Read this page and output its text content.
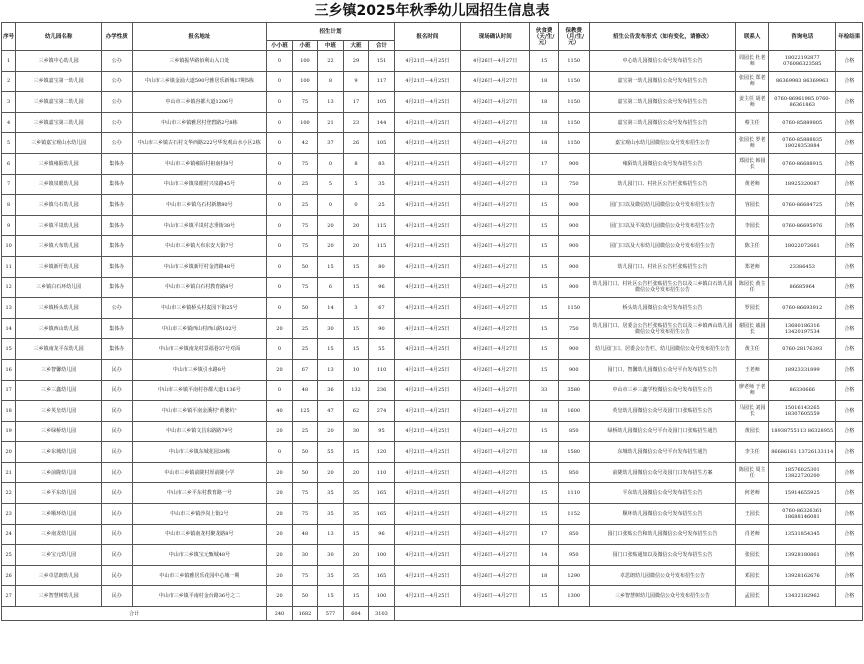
三乡镇2025年秋季幼儿园招生信息表
序号	幼儿园名称	办学性质	报名地址	招生计划					报名时间	现场确认时间	伙食费（天/生/元）	保教费（月/生/元）	招生公告发布形式（如有变化，请修改）	联系人	咨询电话	年检结果
				小小班	小班	中班	大班	合计								
1	三乡镇中心幼儿园	公办	三乡镇振华路佰利山入口处	0	100	22	29	151	4月21日—4月25日	4月26日—4月27日	15	1150	中心幼儿园微信公众号发布招生公告	周园长 杜老师	18022192877 076086323585	合格
2	三乡镇嘉宝第一幼儿园	公办	中山市三乡镇金涌大道590号雅居乐新城17期5栋	0	100	8	9	117	4月21日—4月25日	4月26日—4月27日	18	1150	嘉宝第一幼儿园微信公众号发布招生公告	张园长 郑老师	86369983 86369963	合格
3	三乡镇嘉宝第二幼儿园	公办	中山市三乡镇谷都大道1206号	0	75	13	17	105	4月21日—4月25日	4月26日—4月27日	18	1150	嘉宝第二幼儿园微信公众号发布招生公告	姜主任 胡老师	0760-86961985 0760-86361863	合格
4	三乡镇嘉宝第三幼儿园	公办	中山市三乡镇雅居村登碧路2号8栋	0	100	21	23	144	4月21日—4月25日	4月26日—4月27日	18	1150	嘉宝第三幼儿园微信公众号发布招生公告	蔡主任	0760-85889805	合格
5	三乡镇嘉宝观山水幼儿园	公办	中山市三乡镇古石村文华西路222号华发观山水小区2栋	0	42	37	26	105	4月21日—4月25日	4月26日—4月27日	18	1150	嘉宝观山水幼儿园微信公众号发布招生公告	张园长 罗老师	0760-85888835 18028353884	合格
6	三乡镇雍陌幼儿园	集体办	中山市三乡镇雍陌村祖南村8号	0	75	0	8	83	4月21日—4月25日	4月26日—4月27日	17	900	雍陌幼儿园微信公众号发布招生公告	郑园长 韩园长	0760-86688915	合格
7	三乡镇泉眼幼儿园	集体办	中山市三乡镇泉眼村兴泉路45号	0	25	5	5	35	4月21日—4月25日	4月26日—4月27日	13	750	幼儿园门口、村社区公告栏张贴招生公告	黄老师	18925320087	合格
8	三乡镇乌石幼儿园	集体办	中山市三乡镇乌石村新塘80号	0	25	0	0	25	4月21日—4月25日	4月26日—4月27日	15	900	园门口以及微信幼儿园微信公众号发布招生公告	容园长	0760-86684725	合格
9	三乡镇平岚幼儿园	集体办	中山市三乡镇平岚村志垂街38号	0	75	20	20	115	4月21日—4月25日	4月26日—4月27日	15	900	园门口以及平岚幼儿园微信公众号发布招生公告	李园长	0760-86695976	合格
10	三乡镇大布幼儿园	集体办	中山市三乡镇大布东安大街7号	0	75	20	20	115	4月21日—4月25日	4月26日—4月27日	15	900	园门口以及大布幼儿园微信公众号发布招生公告	陈主任	18022072661	合格
11	三乡镇新圩幼儿园	集体办	中山市三乡镇新圩村金湾路48号	0	50	15	15	80	4月21日—4月25日	4月26日—4月27日	15	900	幼儿园门口、村社区公告栏张贴招生公告	郑老师	23386453	合格
12	三乡镇白石环幼儿园	集体办	中山市三乡镇白石村教育路8号	0	75	6	15	96	4月21日—4月25日	4月26日—4月27日	15	900	幼儿园门口、村社区公告栏张贴招生公告以及三乡镇白石幼儿园微信公众号发布招生公告	陈园长 黄主任	86685964	合格
13	三乡镇桥头幼儿园	公办	中山市三乡镇桥头村麦园下街25号	0	50	14	3	67	4月21日—4月25日	4月26日—4月27日	15	1150	桥头幼儿园微信公众号发布招生公告	罗园长	0760-86693912	合格
14	三乡镇西山幼儿园	集体办	中山市三乡镇西山村西山路102号	20	25	30	15	90	4月21日—4月25日	4月26日—4月27日	15	750	幼儿园门口、居委会公告栏张贴招生公告以及三乡镇西山幼儿园微信公众号发布招生公告	谢园长 戚园长	13680186316 13420197534	合格
15	三乡镇南龙平东幼儿园	集体办	中山市三乡镇南龙村景福巷37号对面	0	25	15	15	55	4月21日—4月25日	4月26日—4月27日	15	900	幼儿园门口、居委会公告栏、幼儿园微信公众号发布招生公告	黄主任	0760-28176393	合格
16	三乡智馨幼儿园	民办	中山市三乡镇引水路8号	20	67	13	10	110	4月21日—4月25日	4月26日—4月27日	15	900	园门口，智馨幼儿园微信公众号平台发布招生公告	王老师	18923331899	合格
17	三乡三鑫幼儿园	民办	中山市三乡镇平南村谷都大道1136号	0	48	36	132	236	4月21日—4月25日	4月26日—4月27日	33	3580	中山市三乡三鑫学校微信公众号发布招生公告	廖老师 于老师	86330666	合格
18	三乡英皇幼儿园	民办	中山市三乡镇平南金溪村"黄婆坑"	40	125	47	62	274	4月21日—4月25日	4月26日—4月27日	18	1600	英皇幼儿园微信公众号及园门口张贴招生公告	马园长 刘园长	15016143265 18307605559	合格
19	三乡绿桥幼儿园	民办	中山市三乡镇文昌东路路79号	20	25	20	30	95	4月21日—4月25日	4月26日—4月27日	15	850	绿桥幼儿园微信公众号平台及园门口张贴招生通告	黄园长	18938755113 86328955	合格
20	三乡东城幼儿园	民办	中山市三乡镇东城花园39栋	0	50	55	15	120	4月21日—4月25日	4月26日—4月27日	18	1580	东城幼儿园微信公众号平台发布招生通告	李主任	86686161 13726133114	合格
21	三乡前陇幼儿园	民办	中山市三乡镇前陇村厚前陇小学	20	50	20	20	110	4月21日—4月25日	4月26日—4月27日	15	850	前陇幼儿园微信公众号及园门口发布招生方案	陈园长 周主任	18576025301 13822720200	合格
22	三乡平东幼儿园	民办	中山市三乡平东村教育路一号	20	75	35	35	165	4月21日—4月25日	4月26日—4月27日	15	1110	平东幼儿园微信公众号发布招生公告	何老师	15914655925	合格
23	三乡顺环幼儿园	民办	中山市三乡镇沙岗上街2号	20	75	35	35	165	4月21日—4月25日	4月26日—4月27日	15	1152	顺环幼儿园微信公众号发布招生公告	王园长	0760-86326361 18688146081	合格
24	三乡南龙幼儿园	民办	中山市三乡镇南龙村聚龙路8号	20	48	13	15	96	4月21日—4月25日	4月26日—4月27日	17	850	园门口张贴公告和幼儿园微信公众号发布招生公告	肖老师	13531854345	合格
25	三乡宝元幼儿园	民办	中山市三乡镇宝元甄城48号	20	30	30	20	100	4月21日—4月25日	4月26日—4月27日	14	950	园门口张贴通知以及微信公众号发布招生公告	张园长	13928180861	合格
26	三乡卓思朗幼儿园	民办	中山市三乡镇雅居乐花园中心城一期	20	75	35	35	165	4月21日—4月25日	4月26日—4月27日	18	1290	卓思朗幼儿园微信公众号发布招生公告	邓园长	13928162676	合格
27	三乡智慧树幼儿园	民办	中山市三乡镇平南村金台路36号之二	20	50	15	15	100	4月21日—4月25日	4月26日—4月27日	15	1300	三乡智慧树幼儿园微信公众号发布招生公告	孟园长	13432182962	合格
合计				240	1682	577	604	3103								
